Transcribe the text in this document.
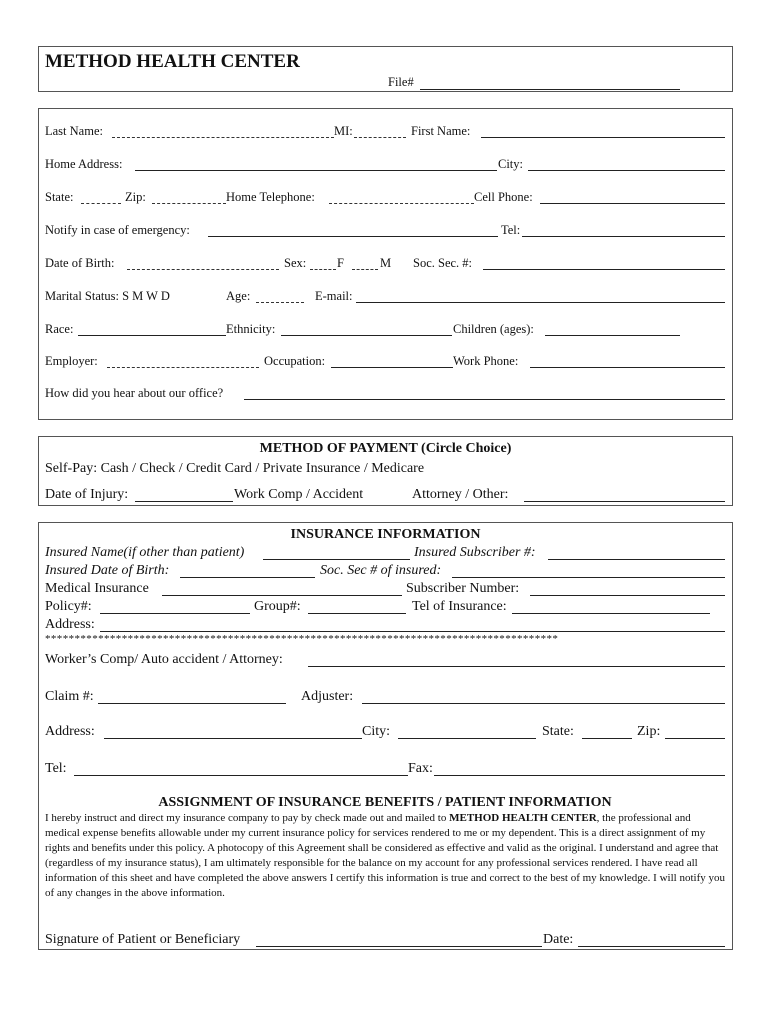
METHOD HEALTH CENTER
File#
Last Name:	MI:	First Name:
Home Address:	City:
State:	Zip:	Home Telephone:	Cell Phone:
Notify in case of emergency:	Tel:
Date of Birth:	Sex: F	M Soc. Sec. #:
Marital Status: S M W D	Age:	E-mail:
Race:	Ethnicity:	Children (ages):
Employer:	Occupation:	Work Phone:
How did you hear about our office?
METHOD OF PAYMENT (Circle Choice)
Self-Pay: Cash / Check / Credit Card / Private Insurance / Medicare
Date of Injury:	Work Comp / Accident	Attorney / Other:
INSURANCE INFORMATION
Insured Name(if other than patient)	Insured Subscriber #:
Insured Date of Birth:	Soc. Sec # of insured:
Medical Insurance	Subscriber Number:
Policy#:	Group#:	Tel of Insurance:
Address:
***************************************************************************************
Worker’s Comp/ Auto accident / Attorney:
Claim #:	Adjuster:
Address:	City:	State:	Zip:
Tel:	Fax:
ASSIGNMENT OF INSURANCE BENEFITS / PATIENT INFORMATION
I hereby instruct and direct my insurance company to pay by check made out and mailed to METHOD HEALTH CENTER, the professional and medical expense benefits allowable under my current insurance policy for services rendered to me or my dependent. This is a direct assignment of my rights and benefits under this policy. A photocopy of this Agreement shall be considered as effective and valid as the original. I understand and agree that (regardless of my insurance status), I am ultimately responsible for the balance on my account for any professional services rendered. I have read all information of this sheet and have completed the above answers I certify this information is true and correct to the best of my knowledge. I will notify you of any changes in the above information.
Signature of Patient or Beneficiary	Date:
